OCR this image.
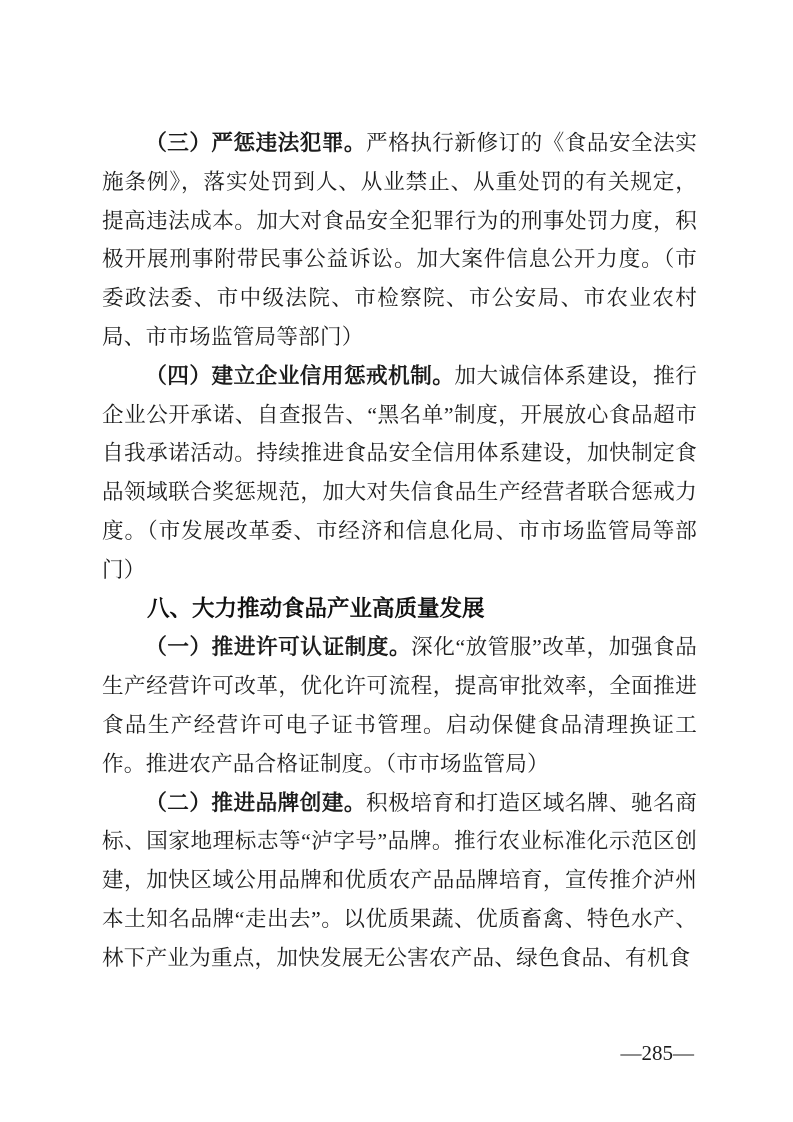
（三）严惩违法犯罪。严格执行新修订的《食品安全法实施条例》，落实处罚到人、从业禁止、从重处罚的有关规定，提高违法成本。加大对食品安全犯罪行为的刑事处罚力度，积极开展刑事附带民事公益诉讼。加大案件信息公开力度。（市委政法委、市中级法院、市检察院、市公安局、市农业农村局、市市场监管局等部门）

（四）建立企业信用惩戒机制。加大诚信体系建设，推行企业公开承诺、自查报告、“黑名单”制度，开展放心食品超市自我承诺活动。持续推进食品安全信用体系建设，加快制定食品领域联合奖惩规范，加大对失信食品生产经营者联合惩戒力度。（市发展改革委、市经济和信息化局、市市场监管局等部门）

八、大力推动食品产业高质量发展

（一）推进许可认证制度。深化“放管服”改革，加强食品生产经营许可改革，优化许可流程，提高审批效率，全面推进食品生产经营许可电子证书管理。启动保健食品清理换证工作。推进农产品合格证制度。（市市场监管局）

（二）推进品牌创建。积极培育和打造区域名牌、驰名商标、国家地理标志等“泸字号”品牌。推行农业标准化示范区创建，加快区域公用品牌和优质农产品品牌培育，宣传推介泸州本土知名品牌“走出去”。以优质果蔬、优质畜禽、特色水产、林下产业为重点，加快发展无公害农产品、绿色食品、有机食

—285—
